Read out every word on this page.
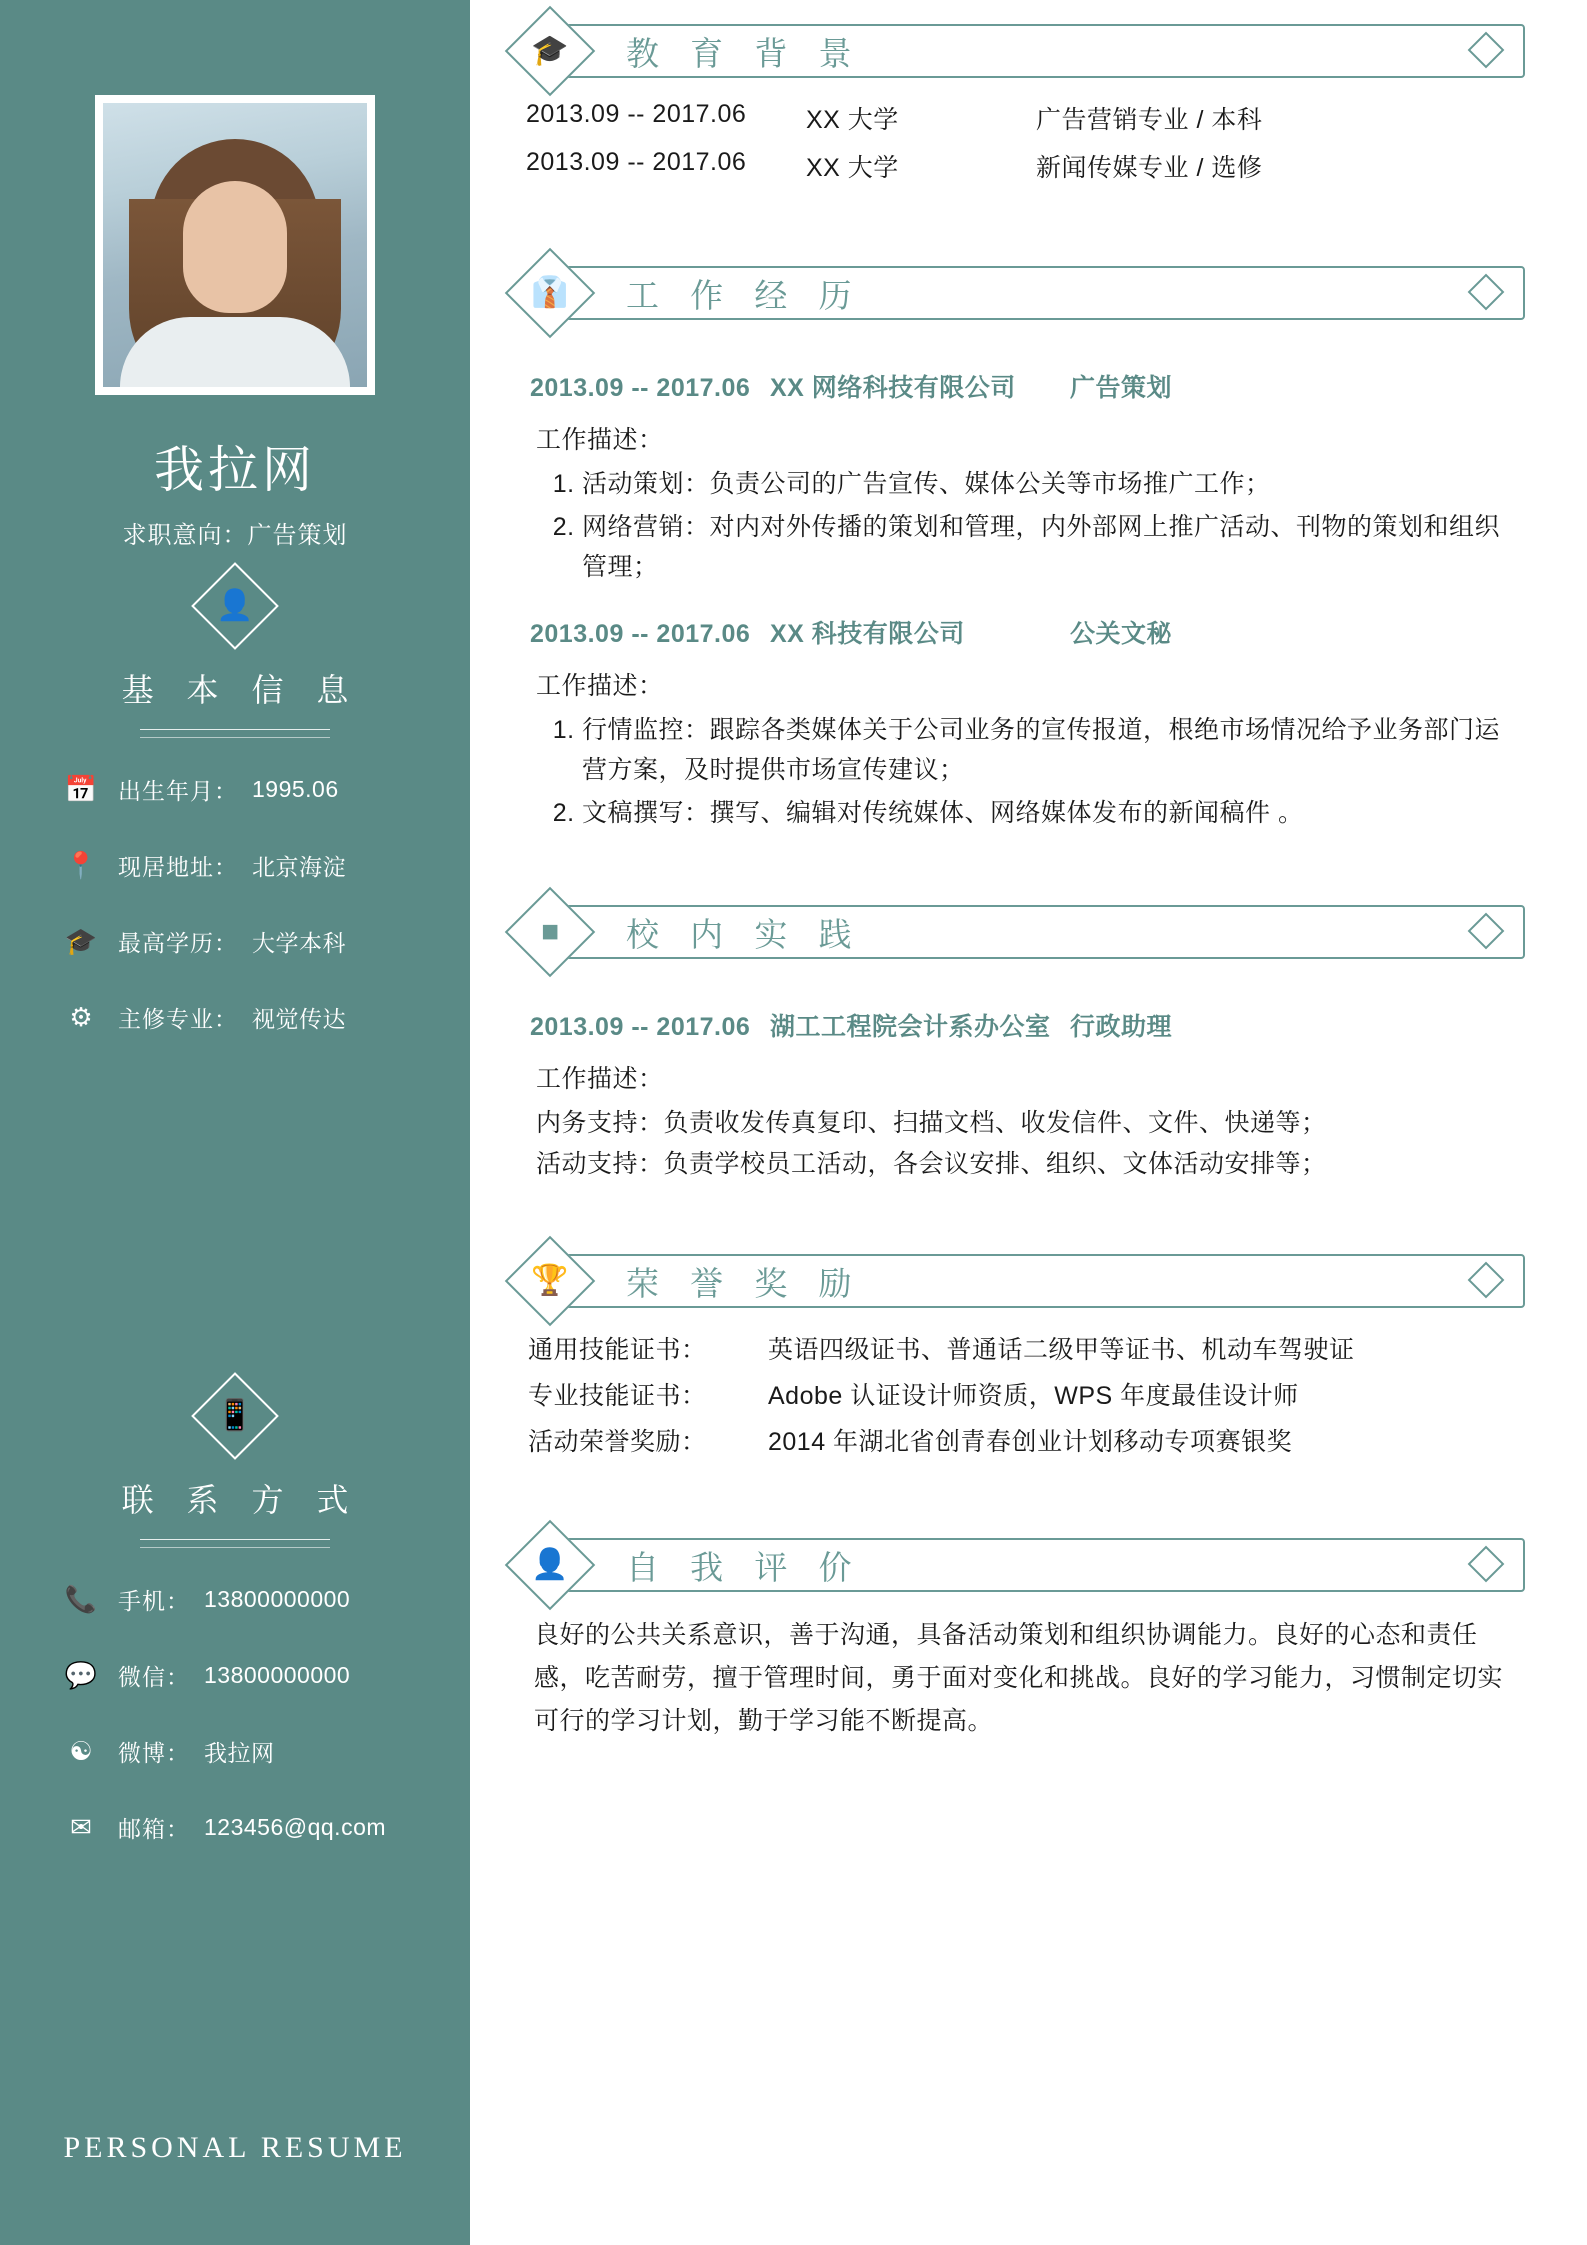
我拉网
求职意向：广告策划
👤
基 本 信 息
📅 出生年月： 1995.06
📍 现居地址： 北京海淀
🎓 最高学历： 大学本科
⚙	主修专业： 视觉传达
📱
联 系 方 式
📞 手机： 13800000000
💬 微信： 13800000000
☯	微博： 我拉网
✉	邮箱： 123456@qq.com
PERSONAL RESUME
🎓 教 育 背 景
2013.09 -- 2017.06	XX 大学	广告营销专业 / 本科
2013.09 -- 2017.06	XX 大学	新闻传媒专业 / 选修
👔 工 作 经 历
2013.09 -- 2017.06 XX 网络科技有限公司	广告策划
工作描述：
1. 活动策划：负责公司的广告宣传、媒体公关等市场推广工作；
2. 网络营销：对内对外传播的策划和管理，内外部网上推广活动、刊物的策划和组织管理；
2013.09 -- 2017.06 XX 科技有限公司	公关文秘
工作描述：
1. 行情监控：跟踪各类媒体关于公司业务的宣传报道，根绝市场情况给予业务部门运营方案，及时提供市场宣传建议；
2. 文稿撰写：撰写、编辑对传统媒体、网络媒体发布的新闻稿件 。
■ 校 内 实 践
2013.09 -- 2017.06 湖工工程院会计系办公室 行政助理
工作描述：
内务支持：负责收发传真复印、扫描文档、收发信件、文件、快递等；
活动支持：负责学校员工活动，各会议安排、组织、文体活动安排等；
🏆 荣 誉 奖 励
通用技能证书：	英语四级证书、普通话二级甲等证书、机动车驾驶证
专业技能证书：	Adobe 认证设计师资质，WPS 年度最佳设计师
活动荣誉奖励：	2014 年湖北省创青春创业计划移动专项赛银奖
👤 自 我 评 价
良好的公共关系意识，善于沟通，具备活动策划和组织协调能力。良好的心态和责任感，吃苦耐劳，擅于管理时间，勇于面对变化和挑战。良好的学习能力，习惯制定切实可行的学习计划，勤于学习能不断提高。
